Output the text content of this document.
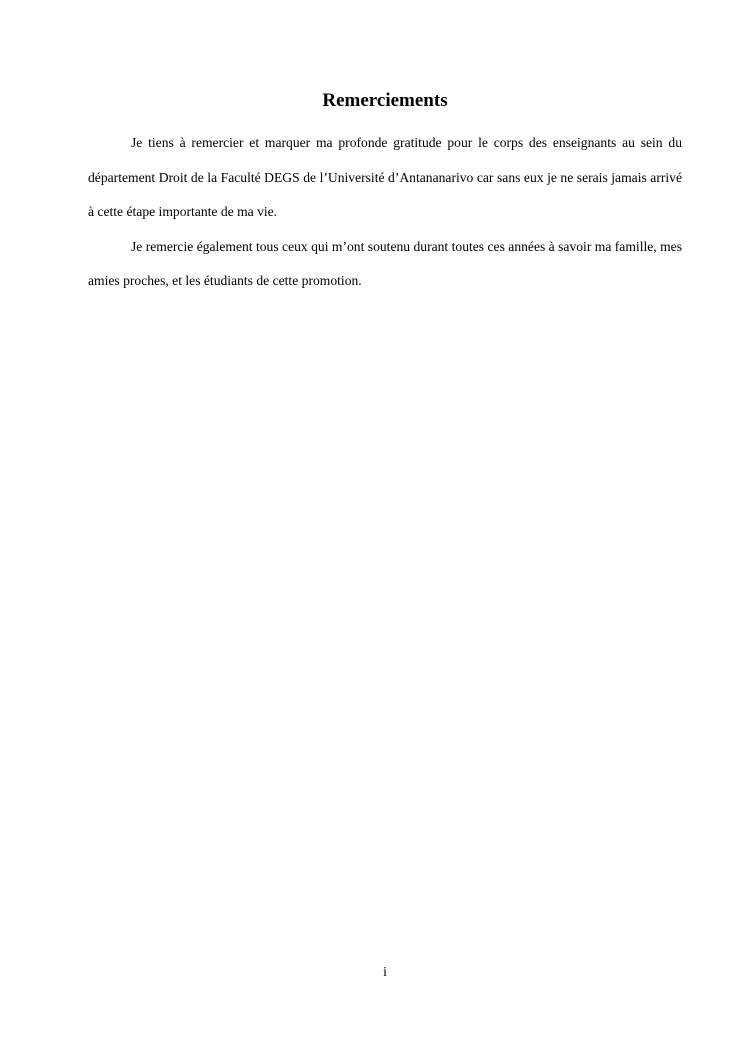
Remerciements

Je tiens à remercier et marquer ma profonde gratitude pour le corps des enseignants au sein du département Droit de la Faculté DEGS de l’Université d’Antananarivo car sans eux je ne serais jamais arrivé à cette étape importante de ma vie.

Je remercie également tous ceux qui m’ont soutenu durant toutes ces années à savoir ma famille, mes amies proches, et les étudiants de cette promotion.

i
